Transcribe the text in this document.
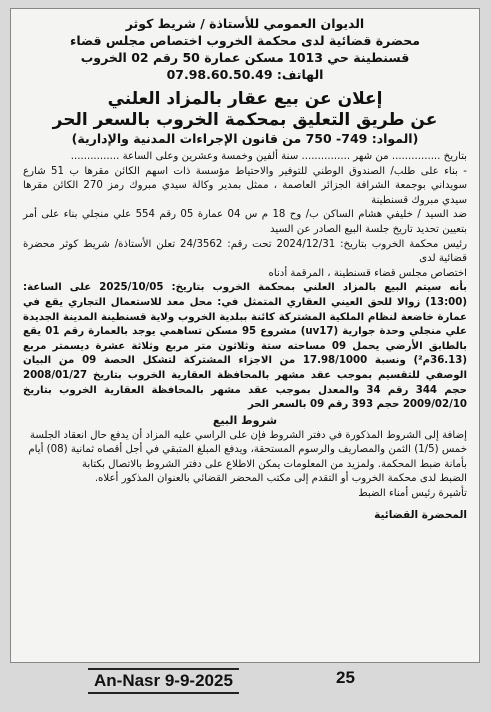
الديوان العمومي للأستاذة / شريط كوثر
محضرة قضائية لدى محكمة الخروب اختصاص مجلس قضاء
قسنطينة حي 1013 مسكن عمارة 50 رقم 02 الخروب
الهاتف: 07.98.60.50.49
إعلان عن بيع عقار بالمزاد العلني
عن طريق التعليق بمحكمة الخروب بالسعر الحر
(المواد: 749- 750 من قانون الإجراءات المدنية والإدارية)

بتاريخ ............... من شهر ............... سنة ألفين وخمسة وعشرين وعلى الساعة ...............

- بناء على طلب/ الصندوق الوطني للتوفير والاحتياط مؤسسة ذات اسهم الكائن مقرها ب 51 شارع سويداني بوجمعة الشرافة الجزائر العاصمة ، ممثل بمدير وكالة سيدي مبروك رمز 270 الكائن مقرها سيدي مبروك قسنطينة

ضد السيد / خليفي هشام الساكن ب/ وح 18 م س 04 عمارة 05 رقم 554 علي منجلي بناء على أمر بتعيين تحديد تاريخ جلسة البيع الصادر عن السيد

رئيس محكمة الخروب بتاريخ: 2024/12/31 تحت رقم: 24/3562 تعلن الأستاذة/ شريط كوثر محضرة قضائية لدى

اختصاص مجلس قضاء قسنطينة ، المرقمة أدناه

بأنه سيتم البيع بالمزاد العلني بمحكمة الخروب بتاريخ: 2025/10/05 على الساعة: (13:00) زوالا للحق العيني العقاري المتمثل في: محل معد للاستعمال التجاري يقع في عمارة خاضعة لنظام الملكية المشتركة كائنة ببلدية الخروب ولاية قسنطينة المدينة الجديدة علي منجلي وحدة جوارية (uv17) مشروع 95 مسكن تساهمي يوجد بالعمارة رقم 01 يقع بالطابق الأرضي يحمل 09 مساحته ستة وثلاثون متر مربع وثلاثة عشرة ديسمتر مربع (36.13م²) ونسبة 17.98/1000 من الاجزاء المشتركة لتشكل الحصة 09 من البيان الوصفي للتقسيم بموجب عقد مشهر بالمحافظة العقارية الخروب بتاريخ 2008/01/27 حجم 344 رقم 34 والمعدل بموجب عقد مشهر بالمحافظة العقارية الخروب بتاريخ 2009/02/10 حجم 393 رقم 09 بالسعر الحر

شروط البيع

إضافة إلى الشروط المذكورة في دفتر الشروط فإن على الراسي عليه المزاد أن يدفع حال انعقاد الجلسة

خمس (1/5) الثمن والمصاريف والرسوم المستحقة، ويدفع المبلغ المتبقي في أجل أقصاه ثمانية (08) أيام

بأمانة ضبط المحكمة. ولمزيد من المعلومات يمكن الاطلاع على دفتر الشروط بالاتصال بكتابة

الضبط لدى محكمة الخروب أو التقدم إلى مكتب المحضر القضائي بالعنوان المذكور أعلاه.

تأشيرة رئيس أمناء الضبط

المحضرة القضائية
An-Nasr 9-9-2025	25
